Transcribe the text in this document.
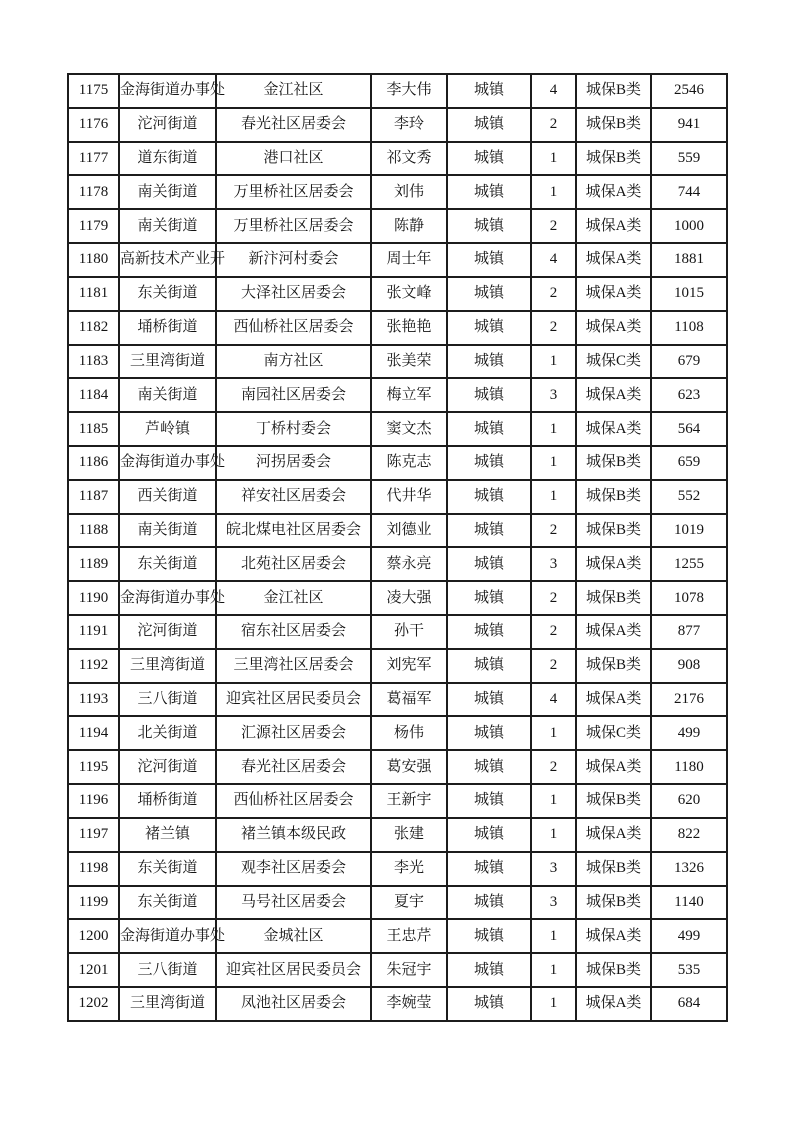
1175	金海街道办事处	金江社区	李大伟	城镇	4	城保B类	2546
1176	沱河街道	春光社区居委会	李玲	城镇	2	城保B类	941
1177	道东街道	港口社区	祁文秀	城镇	1	城保B类	559
1178	南关街道	万里桥社区居委会	刘伟	城镇	1	城保A类	744
1179	南关街道	万里桥社区居委会	陈静	城镇	2	城保A类	1000
1180	高新技术产业开	新汴河村委会	周士年	城镇	4	城保A类	1881
1181	东关街道	大泽社区居委会	张文峰	城镇	2	城保A类	1015
1182	埇桥街道	西仙桥社区居委会	张艳艳	城镇	2	城保A类	1108
1183	三里湾街道	南方社区	张美荣	城镇	1	城保C类	679
1184	南关街道	南园社区居委会	梅立军	城镇	3	城保A类	623
1185	芦岭镇	丁桥村委会	窦文杰	城镇	1	城保A类	564
1186	金海街道办事处	河拐居委会	陈克志	城镇	1	城保B类	659
1187	西关街道	祥安社区居委会	代井华	城镇	1	城保B类	552
1188	南关街道	皖北煤电社区居委会	刘德业	城镇	2	城保B类	1019
1189	东关街道	北苑社区居委会	蔡永亮	城镇	3	城保A类	1255
1190	金海街道办事处	金江社区	凌大强	城镇	2	城保B类	1078
1191	沱河街道	宿东社区居委会	孙干	城镇	2	城保A类	877
1192	三里湾街道	三里湾社区居委会	刘宪军	城镇	2	城保B类	908
1193	三八街道	迎宾社区居民委员会	葛福军	城镇	4	城保A类	2176
1194	北关街道	汇源社区居委会	杨伟	城镇	1	城保C类	499
1195	沱河街道	春光社区居委会	葛安强	城镇	2	城保A类	1180
1196	埇桥街道	西仙桥社区居委会	王新宇	城镇	1	城保B类	620
1197	褚兰镇	褚兰镇本级民政	张建	城镇	1	城保A类	822
1198	东关街道	观李社区居委会	李光	城镇	3	城保B类	1326
1199	东关街道	马号社区居委会	夏宇	城镇	3	城保B类	1140
1200	金海街道办事处	金城社区	王忠芹	城镇	1	城保A类	499
1201	三八街道	迎宾社区居民委员会	朱冠宇	城镇	1	城保B类	535
1202	三里湾街道	凤池社区居委会	李婉莹	城镇	1	城保A类	684
